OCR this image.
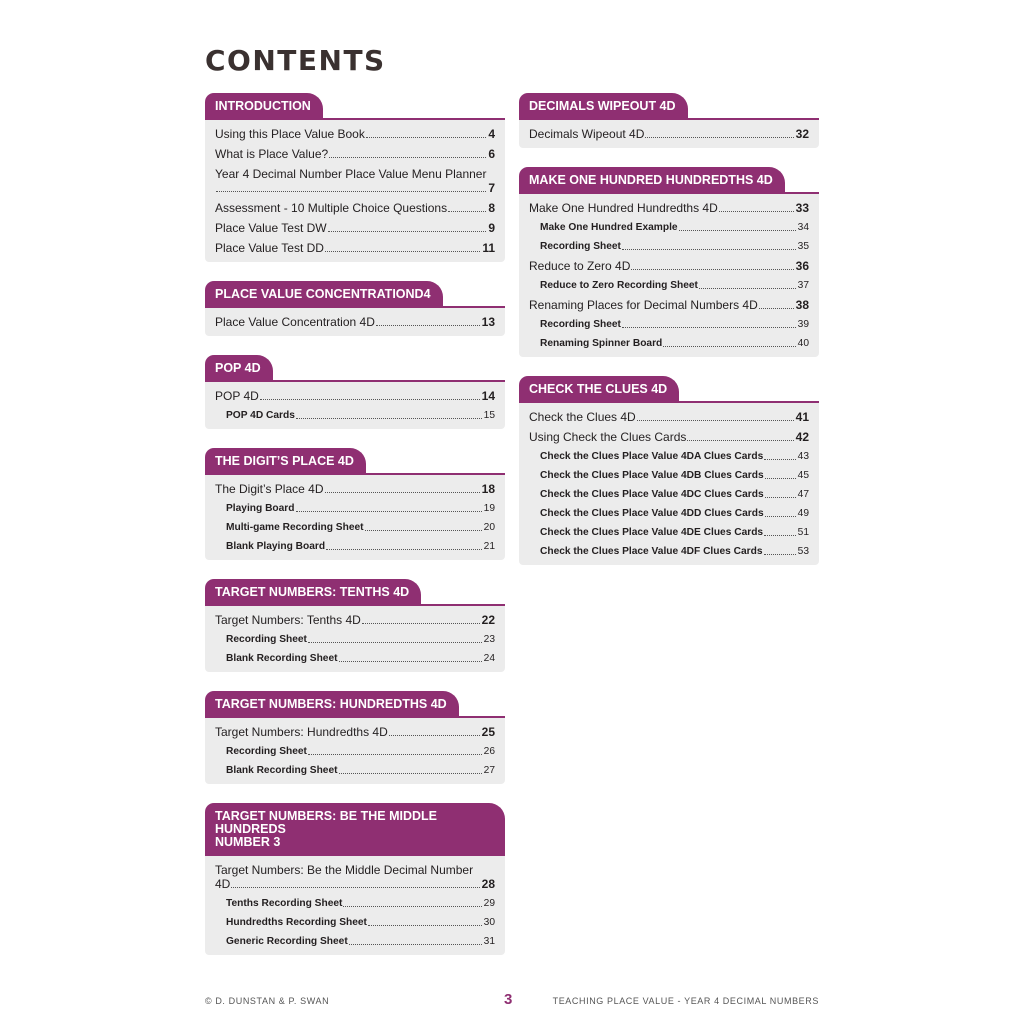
CONTENTS
INTRODUCTION
Using this Place Value Book	4
What is Place Value?	6
Year 4 Decimal Number Place Value Menu Planner
7
Assessment - 10 Multiple Choice Questions	8
Place Value Test DW	9
Place Value Test DD	11
PLACE VALUE CONCENTRATIOND4
Place Value Concentration 4D	13
POP 4D
POP 4D	14
POP 4D Cards	15
THE DIGIT’S PLACE 4D
The Digit’s Place 4D	18
Playing Board	19
Multi-game Recording Sheet	20
Blank Playing Board	21
TARGET NUMBERS: TENTHS 4D
Target Numbers: Tenths 4D	22
Recording Sheet	23
Blank Recording Sheet	24
TARGET NUMBERS: HUNDREDTHS 4D
Target Numbers: Hundredths 4D	25
Recording Sheet	26
Blank Recording Sheet	27
TARGET NUMBERS: BE THE MIDDLE HUNDREDS
NUMBER 3
Target Numbers: Be the Middle Decimal Number
4D	28
Tenths Recording Sheet	29
Hundredths Recording Sheet	30
Generic Recording Sheet	31
DECIMALS WIPEOUT 4D
Decimals Wipeout 4D	32
MAKE ONE HUNDRED HUNDREDTHS 4D
Make One Hundred Hundredths 4D	33
Make One Hundred Example	34
Recording Sheet	35
Reduce to Zero 4D	36
Reduce to Zero Recording Sheet	37
Renaming Places for Decimal Numbers 4D	38
Recording Sheet	39
Renaming Spinner Board	40
CHECK THE CLUES 4D
Check the Clues 4D	41
Using Check the Clues Cards	42
Check the Clues Place Value 4DA Clues Cards	43
Check the Clues Place Value 4DB Clues Cards	45
Check the Clues Place Value 4DC Clues Cards	47
Check the Clues Place Value 4DD Clues Cards	49
Check the Clues Place Value 4DE Clues Cards	51
Check the Clues Place Value 4DF Clues Cards	53
© D. DUNSTAN & P. SWAN	3	TEACHING PLACE VALUE - YEAR 4 DECIMAL NUMBERS
